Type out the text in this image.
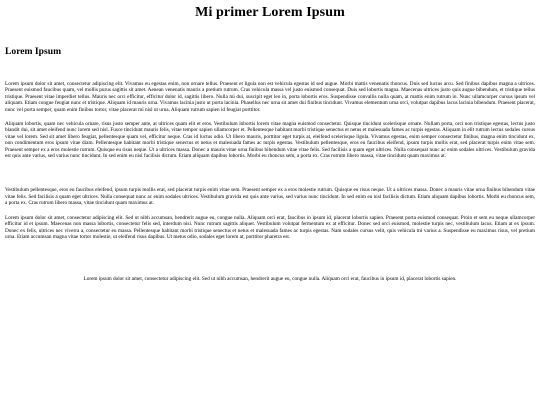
Mi primer Lorem Ipsum
Lorem Ipsum

Lorem ipsum dolor sit amet, consectetur adipiscing elit. Vivamus eu egestas enim, non ornare tellus. Praesent et ligula non est vehicula egestas id sed augue. Morbi mattis venenatis rhoncus. Duis sed luctus arcu. Sed finibus dapibus magna a ultrices. Praesent euismod faucibus quam, vel mollis purus sagittis sit amet. Aenean venenatis mauris a pretium rutrum. Cras vehicula massa vel justo euismod consequat. Duis sed lobortis magna. Maecenas ultrices justo quis augue bibendum, et tristique tellus tristique. Praesent vitae imperdiet tellus. Mauris nec orci efficitur, efficitur dolor id, sagittis libero. Nulla mi dui, suscipit eget leo in, porta lobortis eros. Suspendisse convallis nulla quam, at mattis enim rutrum in. Nunc ullamcorper cursus ipsum vel aliquam. Etiam congue feugiat nunc et tristique. Aliquam id mauris urna. Vivamus lacinia justo ut porta lacinia. Phasellus nec urna sit amet dui finibus tincidunt. Vivamus elementum urna orci, volutpat dapibus lacus lacinia bibendum. Praesent placerat, nunc vel porta semper, quam enim finibus tortor, vitae placerat mi nisl ut urna. Aliquam rutrum sapien id feugiat porttitor.

Aliquam lobortis, quam nec vehicula ornare, risus justo semper ante, at ultrices quam elit et eros. Vestibulum lobortis lorem vitae magna euismod consectetur. Quisque tincidunt scelerisque ornare. Nullam porta, orci non tristique egestas, lectus justo blandit dui, sit amet eleifend nunc lorem sed nisl. Fusce tincidunt mauris felis, vitae tempor sapien ullamcorper et. Pellentesque habitant morbi tristique senectus et netus et malesuada fames ac turpis egestas. Aliquam in elit rutrum lectus sodales cursus vitae vel lorem. Sed sit amet libero feugiat, pellentesque quam vel, efficitur neque. Cras id luctus odio. Ut libero mauris, porttitor eget turpis at, eleifend scelerisque ligula. Vivamus egestas, enim semper consectetur finibus, magna enim tincidunt ex, non condimentum eros ipsum vitae diam. Pellentesque habitant morbi tristique senectus et netus et malesuada fames ac turpis egestas. Vestibulum pellentesque, eros eu faucibus eleifend, ipsum turpis mollis erat, sed placerat turpis enim vitae sem. Praesent semper ex a eros molestie rutrum. Quisque eu risus neque. Ut a ultrices massa. Donec a mauris vitae urna finibus bibendum vitae vitae felis. Sed facilisis a quam eget ultrices. Nulla consequat nunc ac enim sodales ultrices. Vestibulum gravida est quis ante varius, sed varius nunc tincidunt. In sed enim eu nisl facilisis dictum. Etiam aliquam dapibus lobortis. Morbi eu rhoncus sem, a porta ex. Cras rutrum libero massa, vitae tincidunt quam maximus at.

Vestibulum pellentesque, eros eu faucibus eleifend, ipsum turpis mollis erat, sed placerat turpis enim vitae sem. Praesent semper ex a eros molestie rutrum. Quisque eu risus neque. Ut a ultrices massa. Donec a mauris vitae urna finibus bibendum vitae vitae felis. Sed facilisis a quam eget ultrices. Nulla consequat nunc ac enim sodales ultrices. Vestibulum gravida est quis ante varius, sed varius nunc tincidunt. In sed enim eu nisl facilisis dictum. Etiam aliquam dapibus lobortis. Morbi eu rhoncus sem, a porta ex. Cras rutrum libero massa, vitae tincidunt quam maximus at.

Lorem ipsum dolor sit amet, consectetur adipiscing elit. Sed ut nibh accumsan, hendrerit augue eu, congue nulla. Aliquam orci erat, faucibus in ipsum id, placerat lobortis sapien. Praesent porta euismod consequat. Proin et sem eu neque ullamcorper efficitur id et ipsum. Maecenas non massa lobortis, consectetur felis sed, interdum nisi. Nunc rutrum sagittis aliquet. Vestibulum volutpat fermentum ex at efficitur. Donec sed orci euismod, molestie turpis nec, vestibulum lacus. Etiam at ex ipsum. Donec ex felis, ultrices nec viverra a, consectetur eu massa. Pellentesque habitant morbi tristique senectus et netus et malesuada fames ac turpis egestas. Nam sodales cursus velit, quis vehicula mi varius a. Suspendisse eu maximus risus, vel pretium urna. Etiam accumsan magna vitae tortor molestie, ut eleifend risus dapibus. Ut metus odio, sodales eget lorem at, porttitor pharetra est.

Lorem ipsum dolor sit amet, consectetur adipiscing elit. Sed ut nibh accumsan, hendrerit augue eu, congue nulla. Aliquam orci erat, faucibus in ipsum id, placerat lobortis sapien.
